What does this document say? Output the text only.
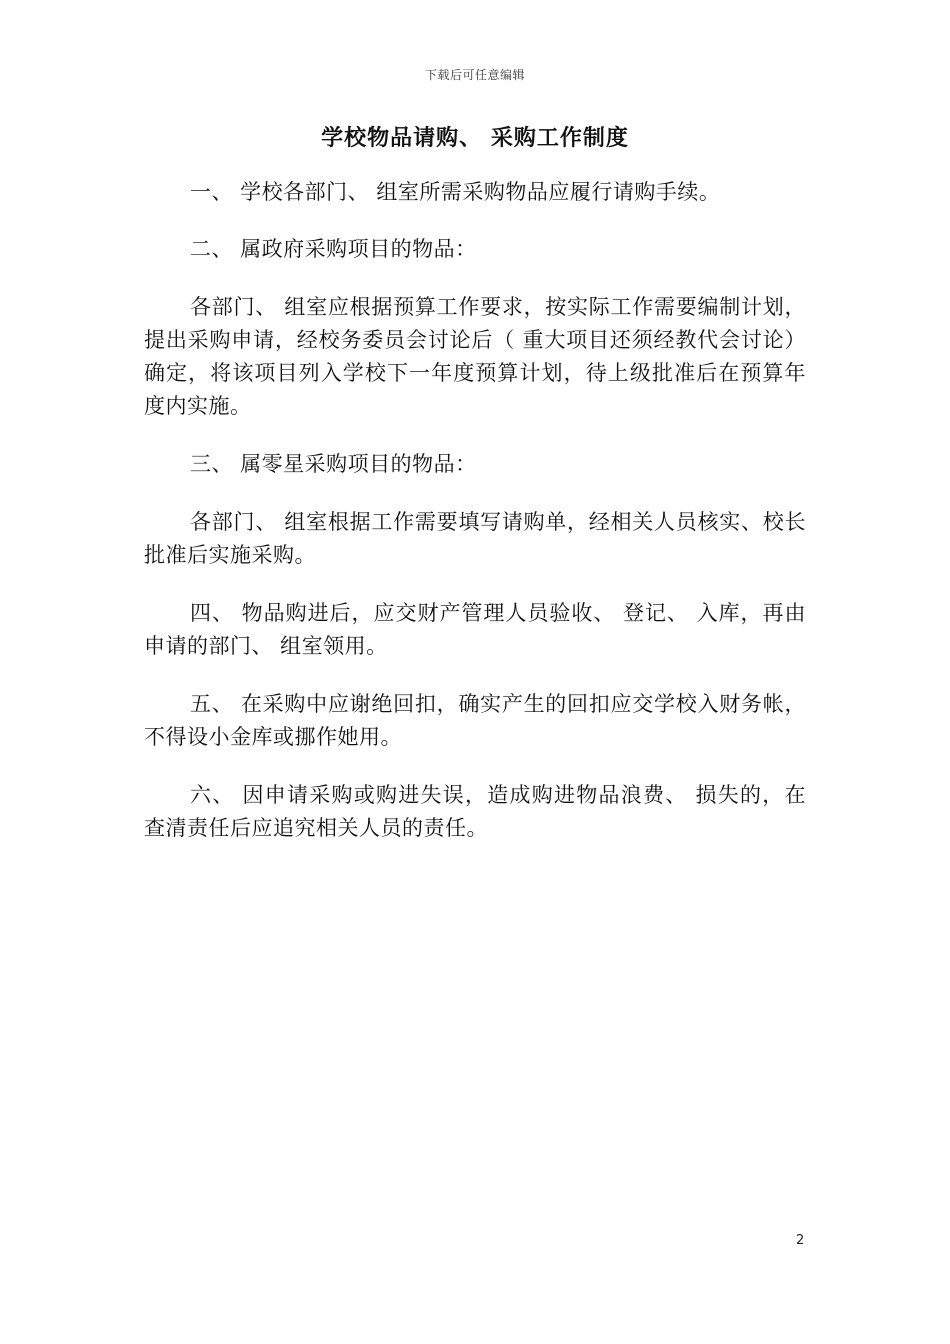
下载后可任意编辑
学校物品请购、 采购工作制度

一、 学校各部门、 组室所需采购物品应履行请购手续。

二、 属政府采购项目的物品：

各部门、 组室应根据预算工作要求，按实际工作需要编制计划，提出采购申请，经校务委员会讨论后（ 重大项目还须经教代会讨论）确定，将该项目列入学校下一年度预算计划，待上级批准后在预算年度内实施。

三、 属零星采购项目的物品：

各部门、 组室根据工作需要填写请购单，经相关人员核实、校长批准后实施采购。

四、 物品购进后，应交财产管理人员验收、 登记、 入库，再由申请的部门、 组室领用。

五、 在采购中应谢绝回扣，确实产生的回扣应交学校入财务帐，不得设小金库或挪作她用。

六、 因申请采购或购进失误，造成购进物品浪费、 损失的，在查清责任后应追究相关人员的责任。

2
